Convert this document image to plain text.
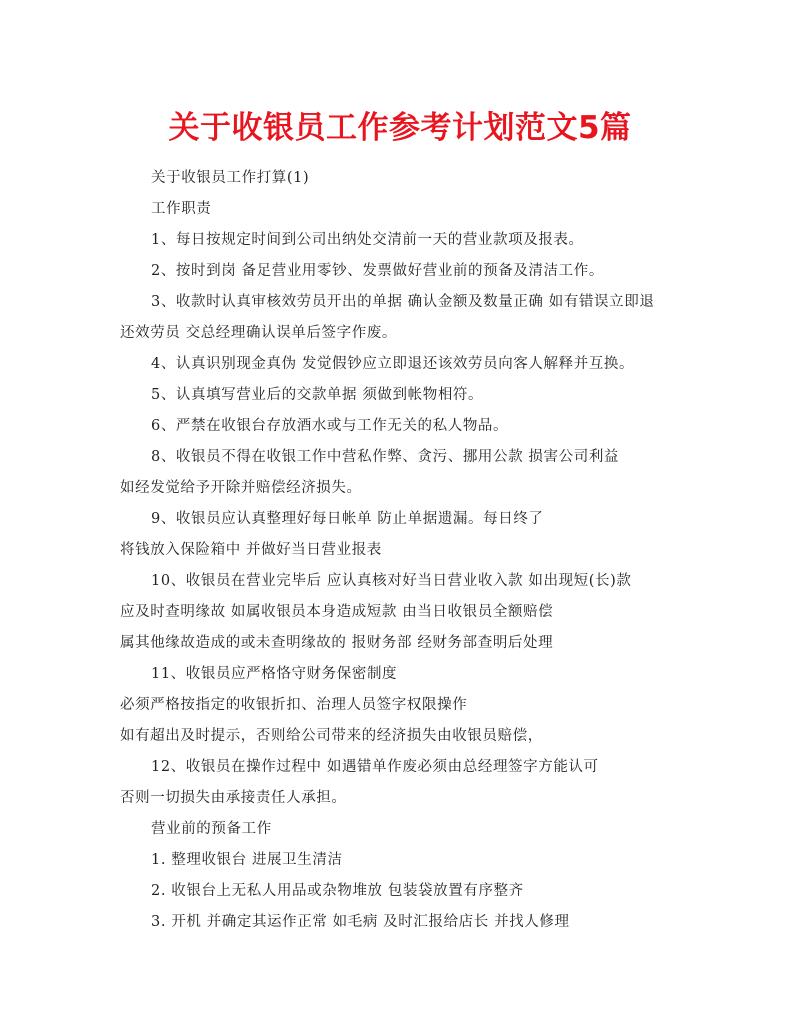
关于收银员工作参考计划范文5篇
关于收银员工作打算(1)
工作职责
1、每日按规定时间到公司出纳处交清前一天的营业款项及报表。
2、按时到岗 备足营业用零钞、发票做好营业前的预备及清洁工作。
3、收款时认真审核效劳员开出的单据 确认金额及数量正确 如有错误立即退
还效劳员 交总经理确认误单后签字作废。
4、认真识别现金真伪 发觉假钞应立即退还该效劳员向客人解释并互换。
5、认真填写营业后的交款单据 须做到帐物相符。
6、严禁在收银台存放酒水或与工作无关的私人物品。
8、收银员不得在收银工作中营私作弊、贪污、挪用公款 损害公司利益
如经发觉给予开除并赔偿经济损失。
9、收银员应认真整理好每日帐单 防止单据遗漏。每日终了
将钱放入保险箱中 并做好当日营业报表
10、收银员在营业完毕后 应认真核对好当日营业收入款 如出现短(长)款
应及时查明缘故 如属收银员本身造成短款 由当日收银员全额赔偿
属其他缘故造成的或未查明缘故的 报财务部 经财务部查明后处理
11、收银员应严格恪守财务保密制度
必须严格按指定的收银折扣、治理人员签字权限操作
如有超出及时提示，否则给公司带来的经济损失由收银员赔偿，
12、收银员在操作过程中 如遇错单作废必须由总经理签字方能认可
否则一切损失由承接责任人承担。
营业前的预备工作
1. 整理收银台 进展卫生清洁
2. 收银台上无私人用品或杂物堆放 包装袋放置有序整齐
3. 开机 并确定其运作正常 如毛病 及时汇报给店长 并找人修理
